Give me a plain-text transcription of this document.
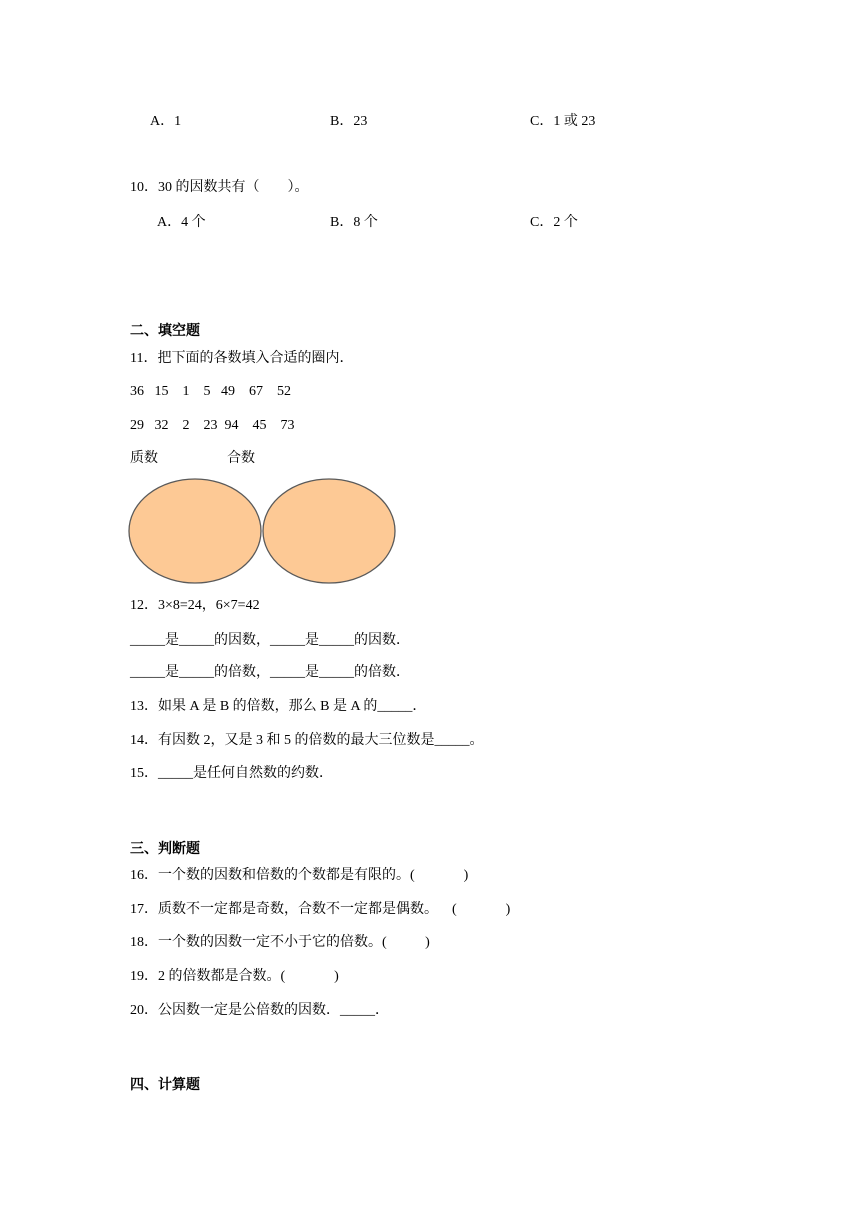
A．1	B．23	C．1 或 23
10．30 的因数共有（　　）。
A．4 个	B．8 个	C．2 个
二、填空题
11．把下面的各数填入合适的圈内．
36   15    1    5   49    67    52
29   32    2    23  94    45    73
质数	合数
12．3×8=24，6×7=42
_____是_____的因数，_____是_____的因数．
_____是_____的倍数，_____是_____的倍数．
13．如果 A 是 B 的倍数，那么 B 是 A 的_____．
14．有因数 2，又是 3 和 5 的倍数的最大三位数是_____。
15．_____是任何自然数的约数．
三、判断题
16．一个数的因数和倍数的个数都是有限的。(              )
17．质数不一定都是奇数，合数不一定都是偶数。    (              )
18．一个数的因数一定不小于它的倍数。(           )
19．2 的倍数都是合数。(              )
20．公因数一定是公倍数的因数．_____．
四、计算题
